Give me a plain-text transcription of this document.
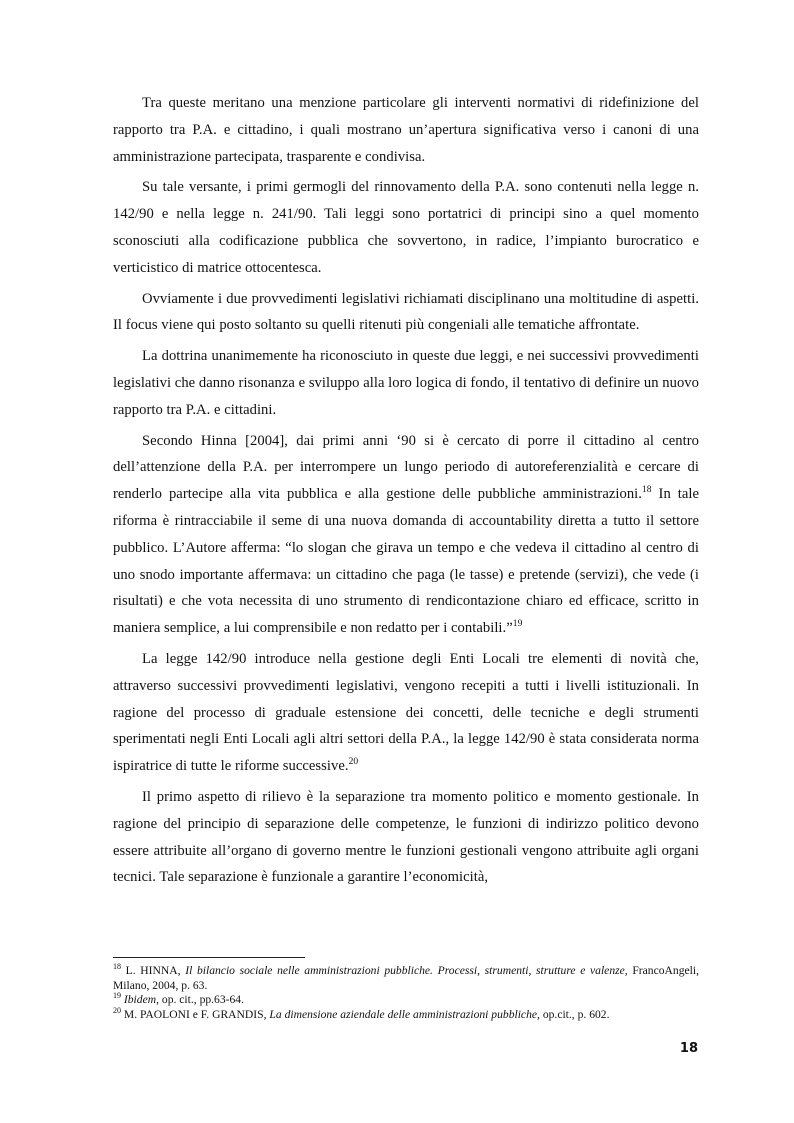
Tra queste meritano una menzione particolare gli interventi normativi di ridefinizione del rapporto tra P.A. e cittadino, i quali mostrano un’apertura significativa verso i canoni di una amministrazione partecipata, trasparente e condivisa.

Su tale versante, i primi germogli del rinnovamento della P.A. sono contenuti nella legge n. 142/90 e nella legge n. 241/90. Tali leggi sono portatrici di principi sino a quel momento sconosciuti alla codificazione pubblica che sovvertono, in radice, l’impianto burocratico e verticistico di matrice ottocentesca.

Ovviamente i due provvedimenti legislativi richiamati disciplinano una moltitudine di aspetti. Il focus viene qui posto soltanto su quelli ritenuti più congeniali alle tematiche affrontate.

La dottrina unanimemente ha riconosciuto in queste due leggi, e nei successivi provvedimenti legislativi che danno risonanza e sviluppo alla loro logica di fondo, il tentativo di definire un nuovo rapporto tra P.A. e cittadini.

Secondo Hinna [2004], dai primi anni ‘90 si è cercato di porre il cittadino al centro dell’attenzione della P.A. per interrompere un lungo periodo di autoreferenzialità e cercare di renderlo partecipe alla vita pubblica e alla gestione delle pubbliche amministrazioni.$^{18}$ In tale riforma è rintracciabile il seme di una nuova domanda di accountability diretta a tutto il settore pubblico. L’Autore afferma: “lo slogan che girava un tempo e che vedeva il cittadino al centro di uno snodo importante affermava: un cittadino che paga (le tasse) e pretende (servizi), che vede (i risultati) e che vota necessita di uno strumento di rendicontazione chiaro ed efficace, scritto in maniera semplice, a lui comprensibile e non redatto per i contabili.”$^{19}$

La legge 142/90 introduce nella gestione degli Enti Locali tre elementi di novità che, attraverso successivi provvedimenti legislativi, vengono recepiti a tutti i livelli istituzionali. In ragione del processo di graduale estensione dei concetti, delle tecniche e degli strumenti sperimentati negli Enti Locali agli altri settori della P.A., la legge 142/90 è stata considerata norma ispiratrice di tutte le riforme successive.$^{20}$

Il primo aspetto di rilievo è la separazione tra momento politico e momento gestionale. In ragione del principio di separazione delle competenze, le funzioni di indirizzo politico devono essere attribuite all’organo di governo mentre le funzioni gestionali vengono attribuite agli organi tecnici. Tale separazione è funzionale a garantire l’economicità,

$^{18}$ L. HINNA, Il bilancio sociale nelle amministrazioni pubbliche. Processi, strumenti, strutture e valenze, FrancoAngeli, Milano, 2004, p. 63.

$^{19}$ Ibidem, op. cit., pp.63-64.

$^{20}$ M. PAOLONI e F. GRANDIS, La dimensione aziendale delle amministrazioni pubbliche, op.cit., p. 602.

18
